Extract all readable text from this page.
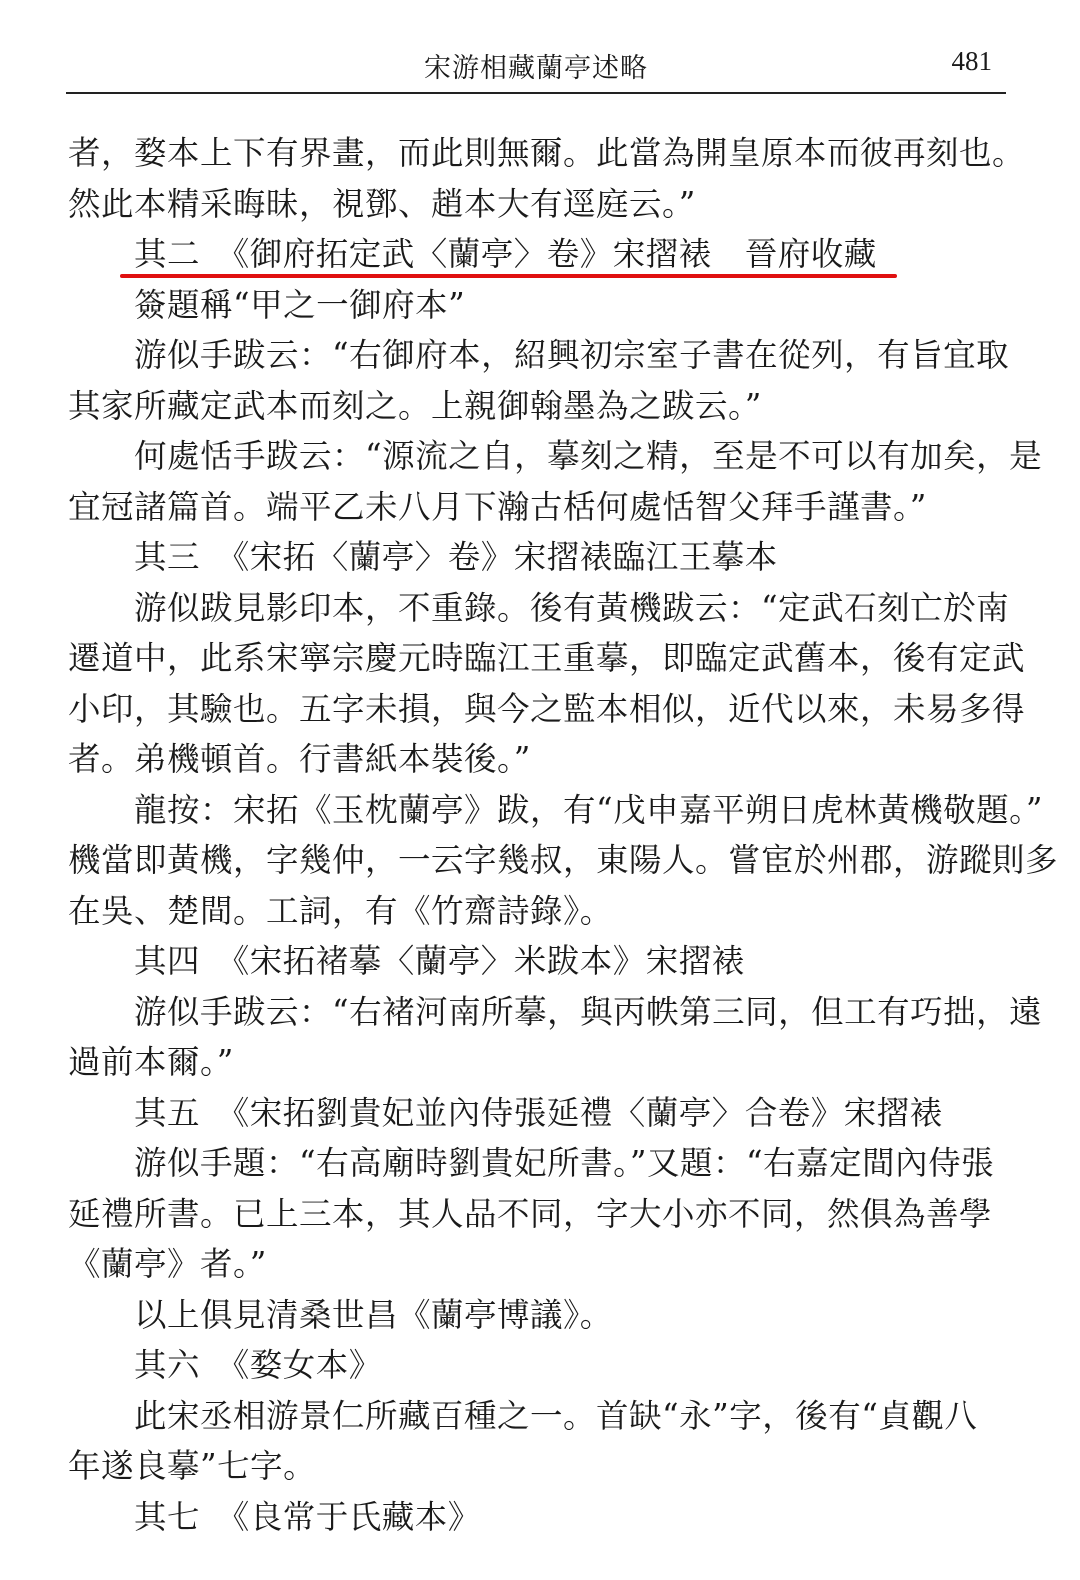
宋游相藏蘭亭述略	481
者，婺本上下有界畫，而此則無爾。此當為開皇原本而彼再刻也。
然此本精采晦昧，視鄧、趙本大有逕庭云。”
其二　《御府拓定武〈蘭亭〉卷》宋摺裱　晉府收藏
簽題稱“甲之一御府本”
游似手跋云：“右御府本，紹興初宗室子書在從列，有旨宜取
其家所藏定武本而刻之。上親御翰墨為之跋云。”
何處恬手跋云：“源流之自，摹刻之精，至是不可以有加矣，是
宜冠諸篇首。端平乙未八月下瀚古栝何處恬智父拜手謹書。”
其三　《宋拓〈蘭亭〉卷》宋摺裱臨江王摹本
游似跋見影印本，不重錄。後有黃機跋云：“定武石刻亡於南
遷道中，此系宋寧宗慶元時臨江王重摹，即臨定武舊本，後有定武
小印，其驗也。五字未損，與今之監本相似，近代以來，未易多得
者。弟機頓首。行書紙本裝後。”
龍按：宋拓《玉枕蘭亭》跋，有“戊申嘉平朔日虎林黃機敬題。”
機當即黃機，字幾仲，一云字幾叔，東陽人。嘗宦於州郡，游蹤則多
在吳、楚間。工詞，有《竹齋詩錄》。
其四　《宋拓褚摹〈蘭亭〉米跋本》宋摺裱
游似手跋云：“右褚河南所摹，與丙帙第三同，但工有巧拙，遠
過前本爾。”
其五　《宋拓劉貴妃並內侍張延禮〈蘭亭〉合卷》宋摺裱
游似手題：“右高廟時劉貴妃所書。”又題：“右嘉定間內侍張
延禮所書。已上三本，其人品不同，字大小亦不同，然俱為善學
《蘭亭》者。”
以上俱見清桑世昌《蘭亭博議》。
其六　《婺女本》
此宋丞相游景仁所藏百種之一。首缺“永”字，後有“貞觀八
年遂良摹”七字。
其七　《良常于氏藏本》
